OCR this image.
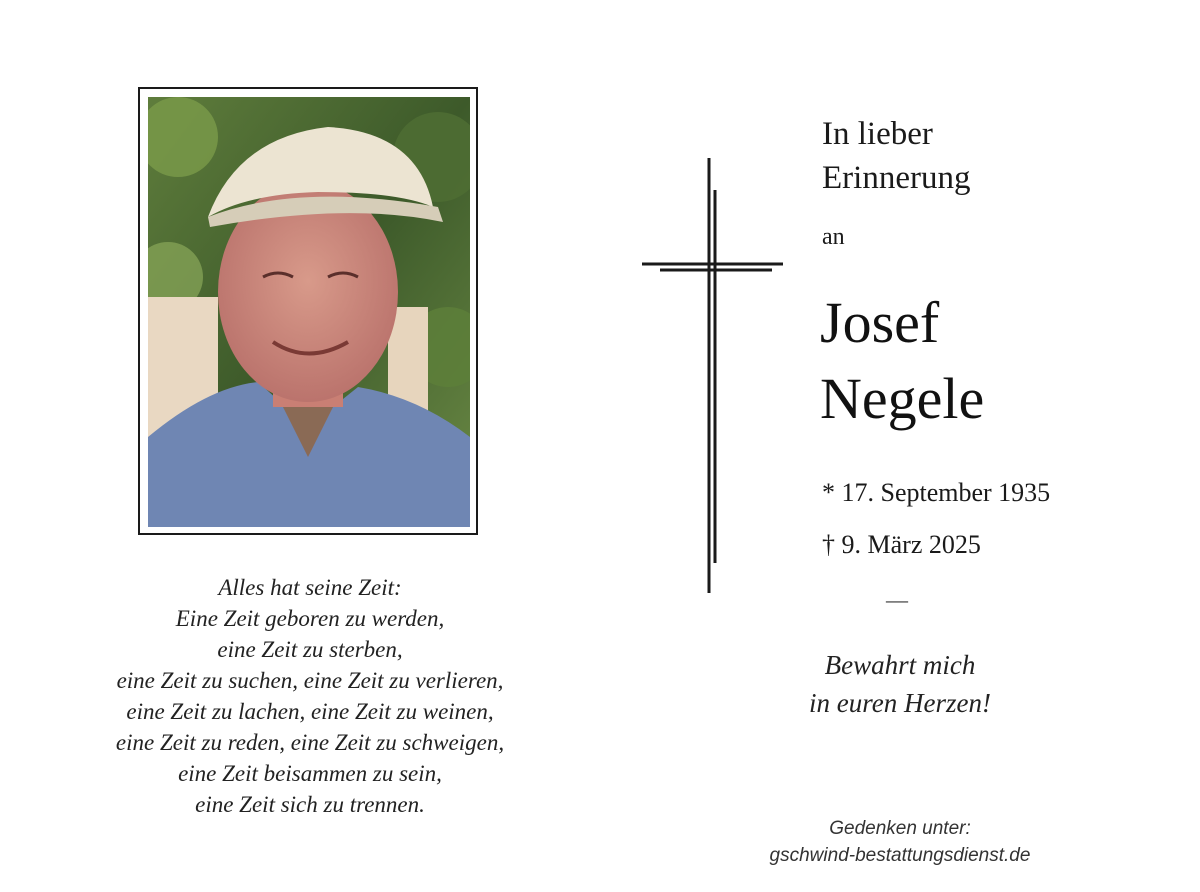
Alles hat seine Zeit:
Eine Zeit geboren zu werden,
eine Zeit zu sterben,
eine Zeit zu suchen, eine Zeit zu verlieren,
eine Zeit zu lachen, eine Zeit zu weinen,
eine Zeit zu reden, eine Zeit zu schweigen,
eine Zeit beisammen zu sein,
eine Zeit sich zu trennen.
In lieber
Erinnerung
an
Josef
Negele
* 17. September 1935
† 9. März 2025
—
Bewahrt mich
in euren Herzen!
Gedenken unter:
gschwind-bestattungsdienst.de
